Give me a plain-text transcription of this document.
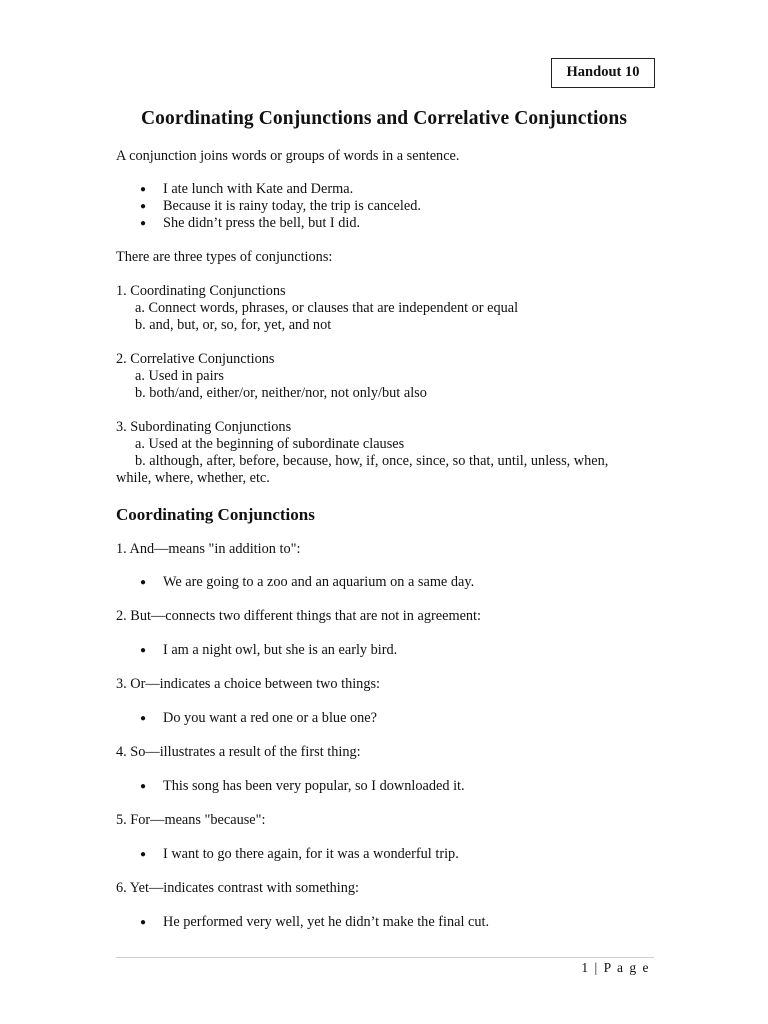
Handout 10
Coordinating Conjunctions and Correlative Conjunctions

A conjunction joins words or groups of words in a sentence.

● I ate lunch with Kate and Derma.
● Because it is rainy today, the trip is canceled.
● She didn’t press the bell, but I did.

There are three types of conjunctions:

1. Coordinating Conjunctions

a. Connect words, phrases, or clauses that are independent or equal

b. and, but, or, so, for, yet, and not

2. Correlative Conjunctions

a. Used in pairs

b. both/and, either/or, neither/nor, not only/but also

3. Subordinating Conjunctions

a. Used at the beginning of subordinate clauses

b. although, after, before, because, how, if, once, since, so that, until, unless, when,

while, where, whether, etc.

Coordinating Conjunctions

1. And—means "in addition to":

● We are going to a zoo and an aquarium on a same day.

2. But—connects two different things that are not in agreement:

● I am a night owl, but she is an early bird.

3. Or—indicates a choice between two things:

● Do you want a red one or a blue one?

4. So—illustrates a result of the first thing:

● This song has been very popular, so I downloaded it.

5. For—means "because":

● I want to go there again, for it was a wonderful trip.

6. Yet—indicates contrast with something:

● He performed very well, yet he didn’t make the final cut.
1 | P a g e
